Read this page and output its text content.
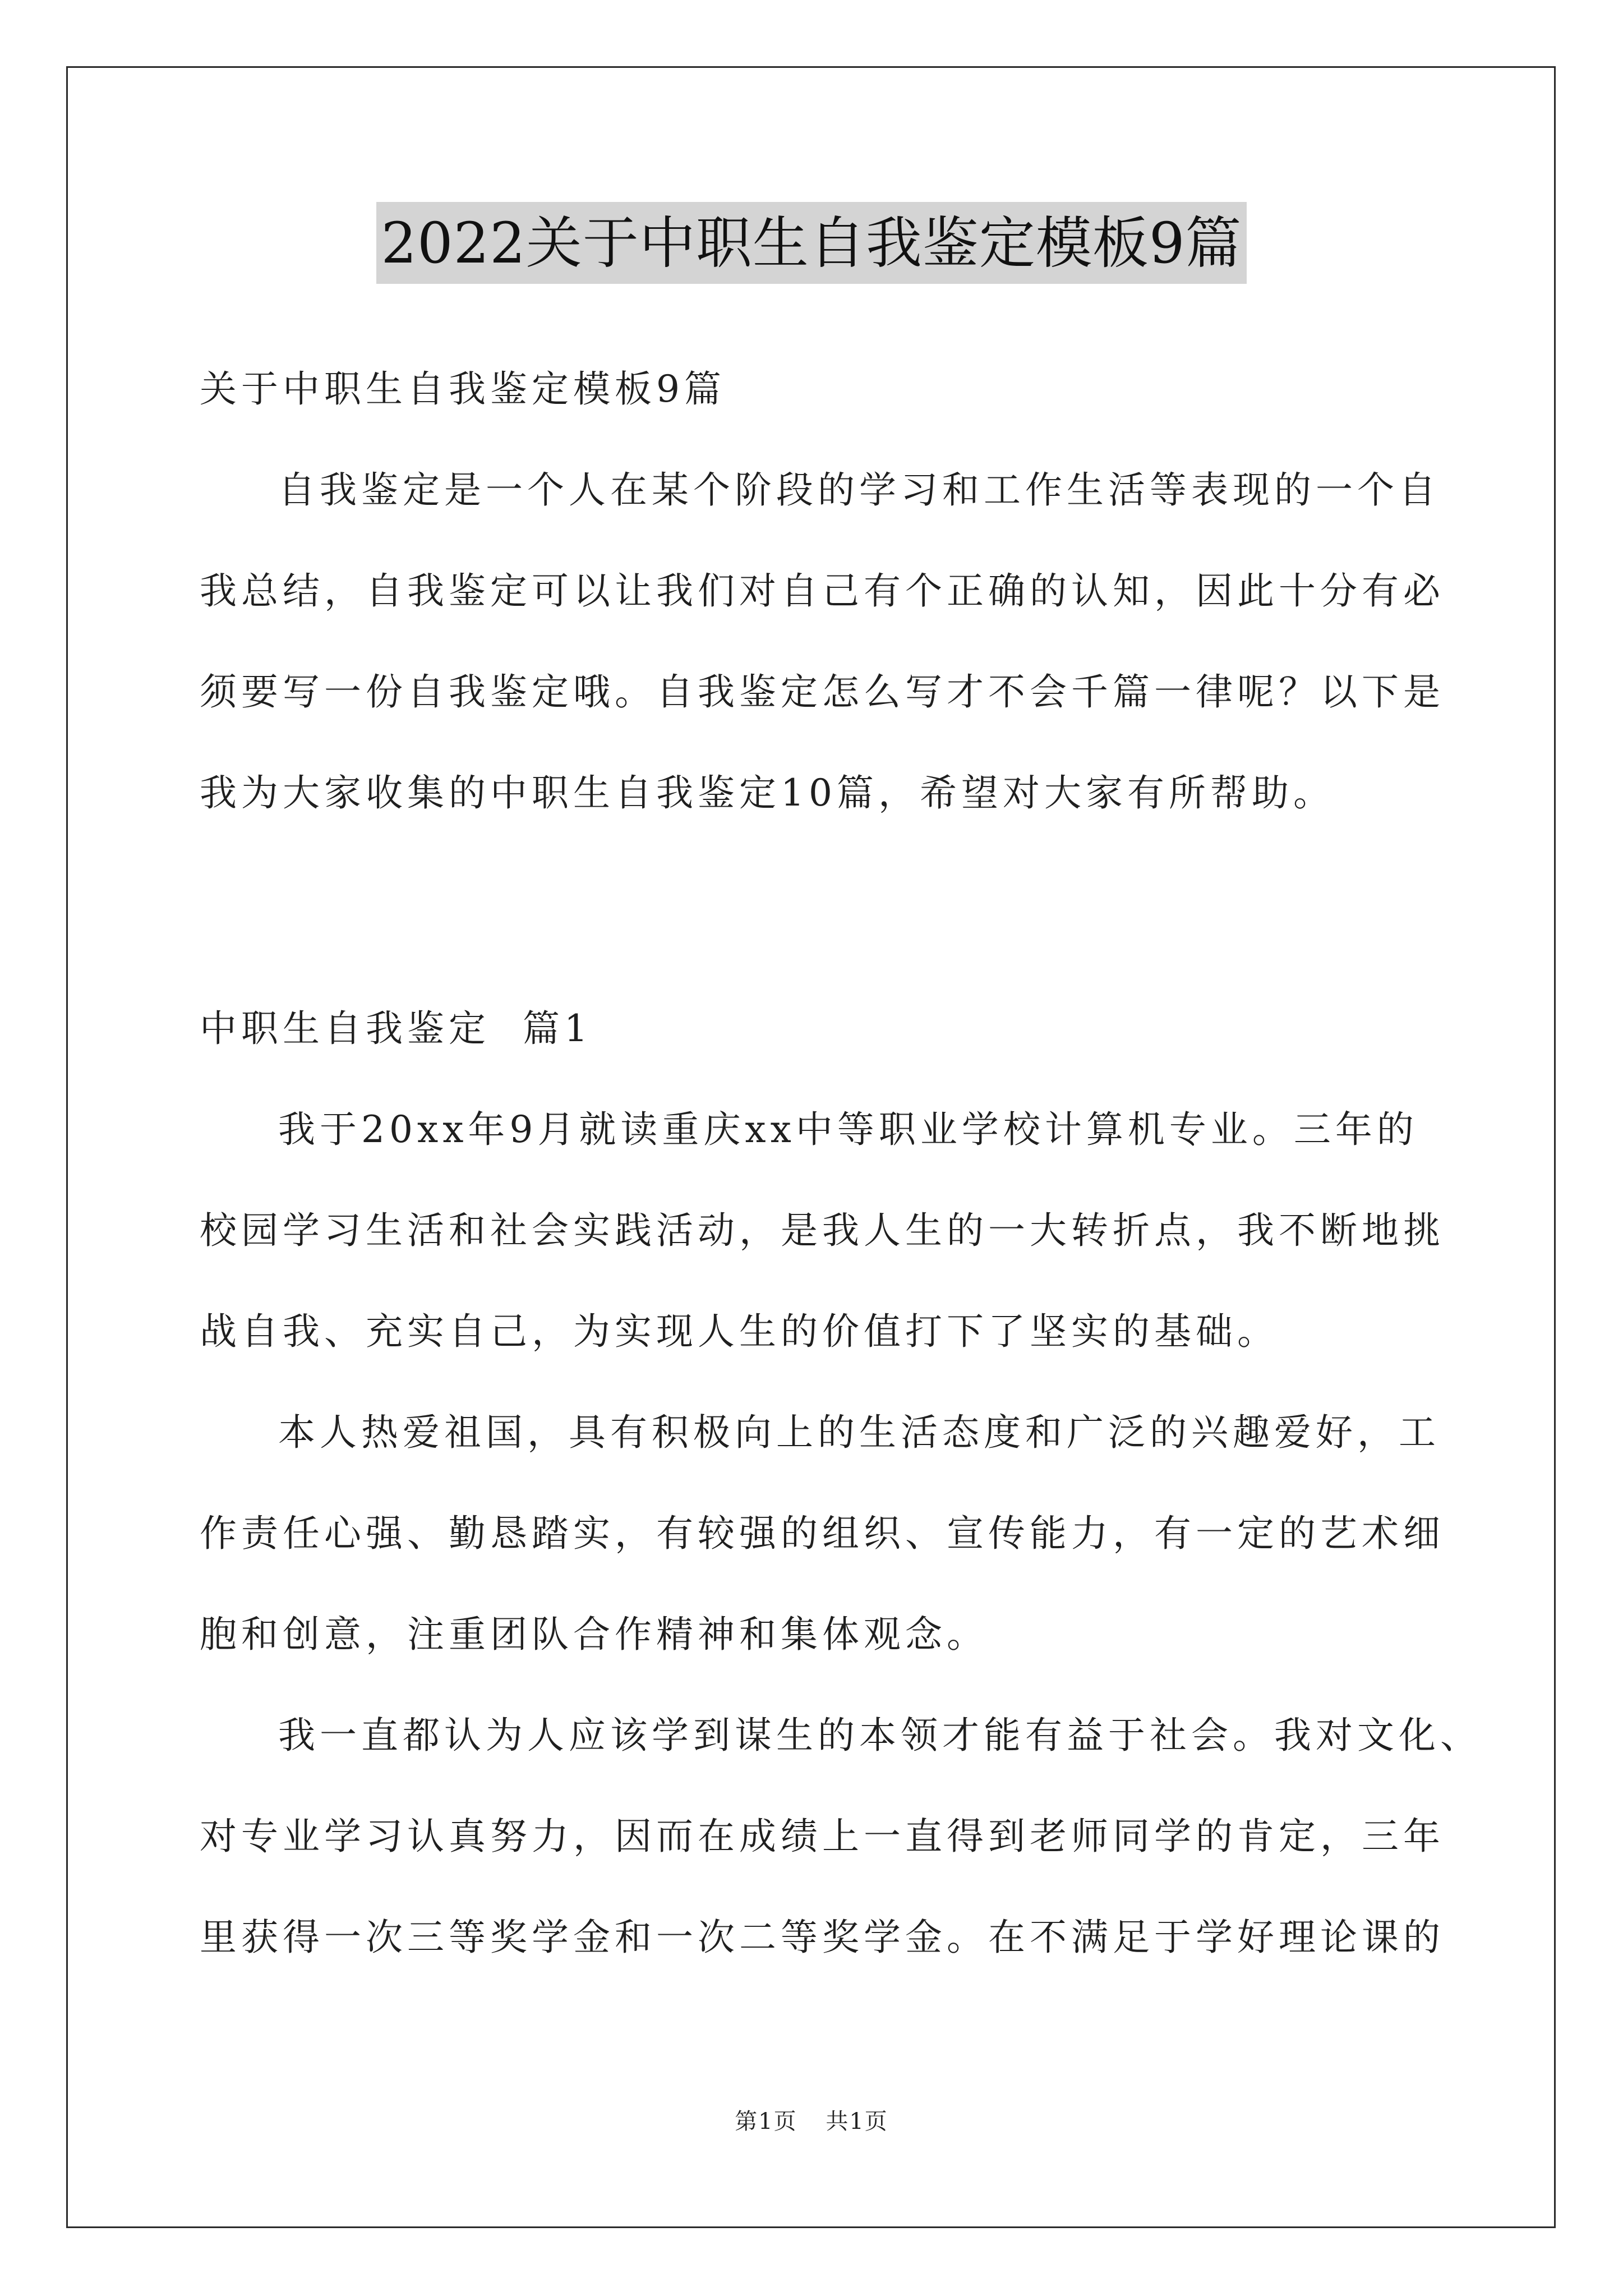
2022关于中职生自我鉴定模板9篇
关于中职生自我鉴定模板9篇
自我鉴定是一个人在某个阶段的学习和工作生活等表现的一个自
我总结，自我鉴定可以让我们对自己有个正确的认知，因此十分有必
须要写一份自我鉴定哦。自我鉴定怎么写才不会千篇一律呢？以下是
我为大家收集的中职生自我鉴定10篇，希望对大家有所帮助。
中职生自我鉴定  篇1
我于20xx年9月就读重庆xx中等职业学校计算机专业。三年的
校园学习生活和社会实践活动，是我人生的一大转折点，我不断地挑
战自我、充实自己，为实现人生的价值打下了坚实的基础。
本人热爱祖国，具有积极向上的生活态度和广泛的兴趣爱好，工
作责任心强、勤恳踏实，有较强的组织、宣传能力，有一定的艺术细
胞和创意，注重团队合作精神和集体观念。
我一直都认为人应该学到谋生的本领才能有益于社会。我对文化、
对专业学习认真努力，因而在成绩上一直得到老师同学的肯定，三年
里获得一次三等奖学金和一次二等奖学金。在不满足于学好理论课的
第1页 共1页
